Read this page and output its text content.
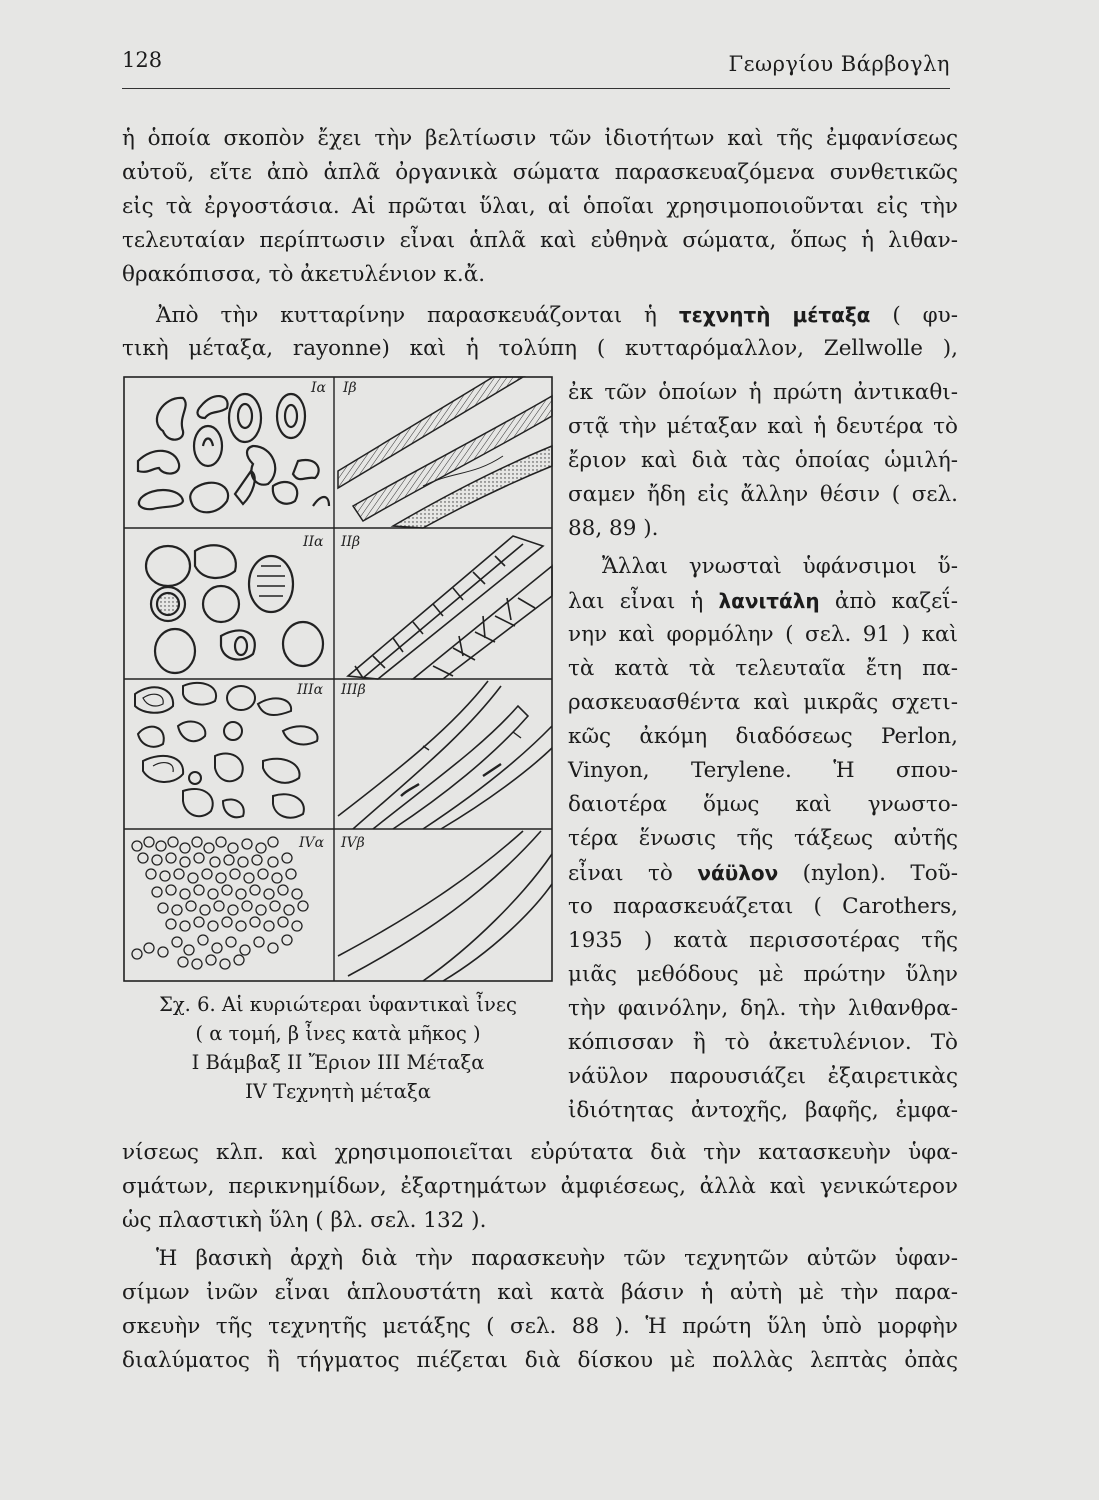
128	Γεωργίου Βάρβογλη
ἡ ὁποία σκοπὸν ἔχει τὴν βελτίωσιν τῶν ἰδιοτήτων καὶ τῆς ἐμφανίσεως
αὐτοῦ, εἴτε ἀπὸ ἁπλᾶ ὀργανικὰ σώματα παρασκευαζόμενα συνθετικῶς
εἰς τὰ ἐργοστάσια. Αἱ πρῶται ὕλαι, αἱ ὁποῖαι χρησιμοποιοῦνται εἰς τὴν
τελευταίαν περίπτωσιν εἶναι ἁπλᾶ καὶ εὐθηνὰ σώματα, ὅπως ἡ λιθαν-
θρακόπισσα, τὸ ἀκετυλένιον κ.ἄ.
Ἀπὸ τὴν κυτταρίνην παρασκευάζονται ἡ τεχνητὴ μέταξα ( φυ-
τικὴ μέταξα, rayonne) καὶ ἡ τολύπη ( κυτταρόμαλλον, Zellwolle ),
Iα Iβ
IIα IIβ
IIIα IIIβ
IVα IVβ
Σχ. 6. Αἱ κυριώτεραι ὑφαντικαὶ ἶνες
( α τομή, β ἶνες κατὰ μῆκος )
I Βάμβαξ II Ἔριον III Μέταξα
IV Τεχνητὴ μέταξα
ἐκ τῶν ὁποίων ἡ πρώτη ἀντικαθι-
στᾷ τὴν μέταξαν καὶ ἡ δευτέρα τὸ
ἔριον καὶ διὰ τὰς ὁποίας ὡμιλή-
σαμεν ἤδη εἰς ἄλλην θέσιν ( σελ.
88, 89 ).
Ἄλλαι γνωσταὶ ὑφάνσιμοι ὕ-
λαι εἶναι ἡ λανιτάλη ἀπὸ καζεΐ-
νην καὶ φορμόλην ( σελ. 91 ) καὶ
τὰ κατὰ τὰ τελευταῖα ἔτη πα-
ρασκευασθέντα καὶ μικρᾶς σχετι-
κῶς ἀκόμη διαδόσεως Perlon,
Vinyon, Terylene. Ἡ σπου-
δαιοτέρα ὅμως καὶ γνωστο-
τέρα ἕνωσις τῆς τάξεως αὐτῆς
εἶναι τὸ νάϋλον (nylon). Τοῦ-
το παρασκευάζεται ( Carothers,
1935 ) κατὰ περισσοτέρας τῆς
μιᾶς μεθόδους μὲ πρώτην ὕλην
τὴν φαινόλην, δηλ. τὴν λιθανθρα-
κόπισσαν ἢ τὸ ἀκετυλένιον. Τὸ
νάϋλον παρουσιάζει ἐξαιρετικὰς
ἰδιότητας ἀντοχῆς, βαφῆς, ἐμφα-
νίσεως κλπ. καὶ χρησιμοποιεῖται εὐρύτατα διὰ τὴν κατασκευὴν ὑφα-
σμάτων, περικνημίδων, ἐξαρτημάτων ἀμφιέσεως, ἀλλὰ καὶ γενικώτερον
ὡς πλαστικὴ ὕλη ( βλ. σελ. 132 ).
Ἡ βασικὴ ἀρχὴ διὰ τὴν παρασκευὴν τῶν τεχνητῶν αὐτῶν ὑφαν-
σίμων ἰνῶν εἶναι ἁπλουστάτη καὶ κατὰ βάσιν ἡ αὐτὴ μὲ τὴν παρα-
σκευὴν τῆς τεχνητῆς μετάξης ( σελ. 88 ). Ἡ πρώτη ὕλη ὑπὸ μορφὴν
διαλύματος ἢ τήγματος πιέζεται διὰ δίσκου μὲ πολλὰς λεπτὰς ὀπὰς
